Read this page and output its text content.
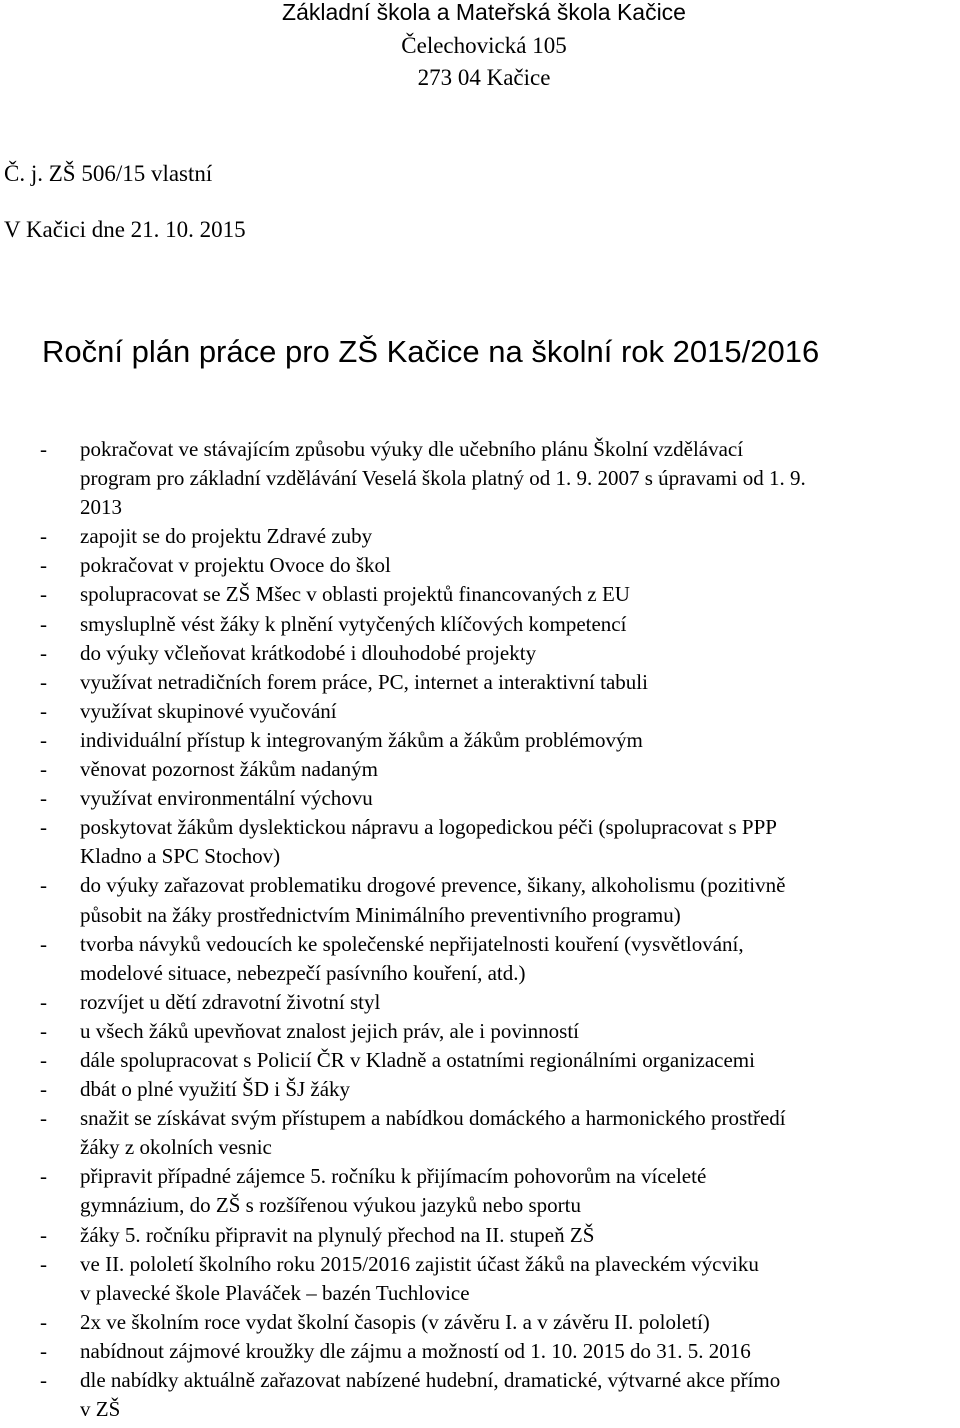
Základní škola a Mateřská škola Kačice
Čelechovická 105
273 04 Kačice
Č. j. ZŠ 506/15 vlastní
V Kačici dne 21. 10. 2015
Roční plán práce pro ZŠ Kačice na školní rok 2015/2016
- pokračovat ve stávajícím způsobu výuky dle učebního plánu Školní vzdělávací
program pro základní vzdělávání Veselá škola platný od 1. 9. 2007 s úpravami od 1. 9.
2013
- zapojit se do projektu Zdravé zuby
- pokračovat v projektu Ovoce do škol
- spolupracovat se ZŠ Mšec v oblasti projektů financovaných z EU
- smysluplně vést žáky k plnění vytyčených klíčových kompetencí
- do výuky včleňovat krátkodobé i dlouhodobé projekty
- využívat netradičních forem práce, PC, internet a interaktivní tabuli
- využívat skupinové vyučování
- individuální přístup k integrovaným žákům a žákům problémovým
- věnovat pozornost žákům nadaným
- využívat environmentální výchovu
- poskytovat žákům dyslektickou nápravu a logopedickou péči (spolupracovat s PPP
Kladno a SPC Stochov)
- do výuky zařazovat problematiku drogové prevence, šikany, alkoholismu (pozitivně
působit na žáky prostřednictvím Minimálního preventivního programu)
- tvorba návyků vedoucích ke společenské nepřijatelnosti kouření (vysvětlování,
modelové situace, nebezpečí pasívního kouření, atd.)
- rozvíjet u dětí zdravotní životní styl
- u všech žáků upevňovat znalost jejich práv, ale i povinností
- dále spolupracovat s Policií ČR v Kladně a ostatními regionálními organizacemi
- dbát o plné využití ŠD i ŠJ žáky
- snažit se získávat svým přístupem a nabídkou domáckého a harmonického prostředí
žáky z okolních vesnic
- připravit případné zájemce 5. ročníku k přijímacím pohovorům na víceleté
gymnázium, do ZŠ s rozšířenou výukou jazyků nebo sportu
- žáky 5. ročníku připravit na plynulý přechod na II. stupeň ZŠ
- ve II. pololetí školního roku 2015/2016 zajistit účast žáků na plaveckém výcviku
v plavecké škole Plaváček – bazén Tuchlovice
- 2x ve školním roce vydat školní časopis (v závěru I. a v závěru II. pololetí)
- nabídnout zájmové kroužky dle zájmu a možností od 1. 10. 2015 do 31. 5. 2016
- dle nabídky aktuálně zařazovat nabízené hudební, dramatické, výtvarné akce přímo
v ZŠ
